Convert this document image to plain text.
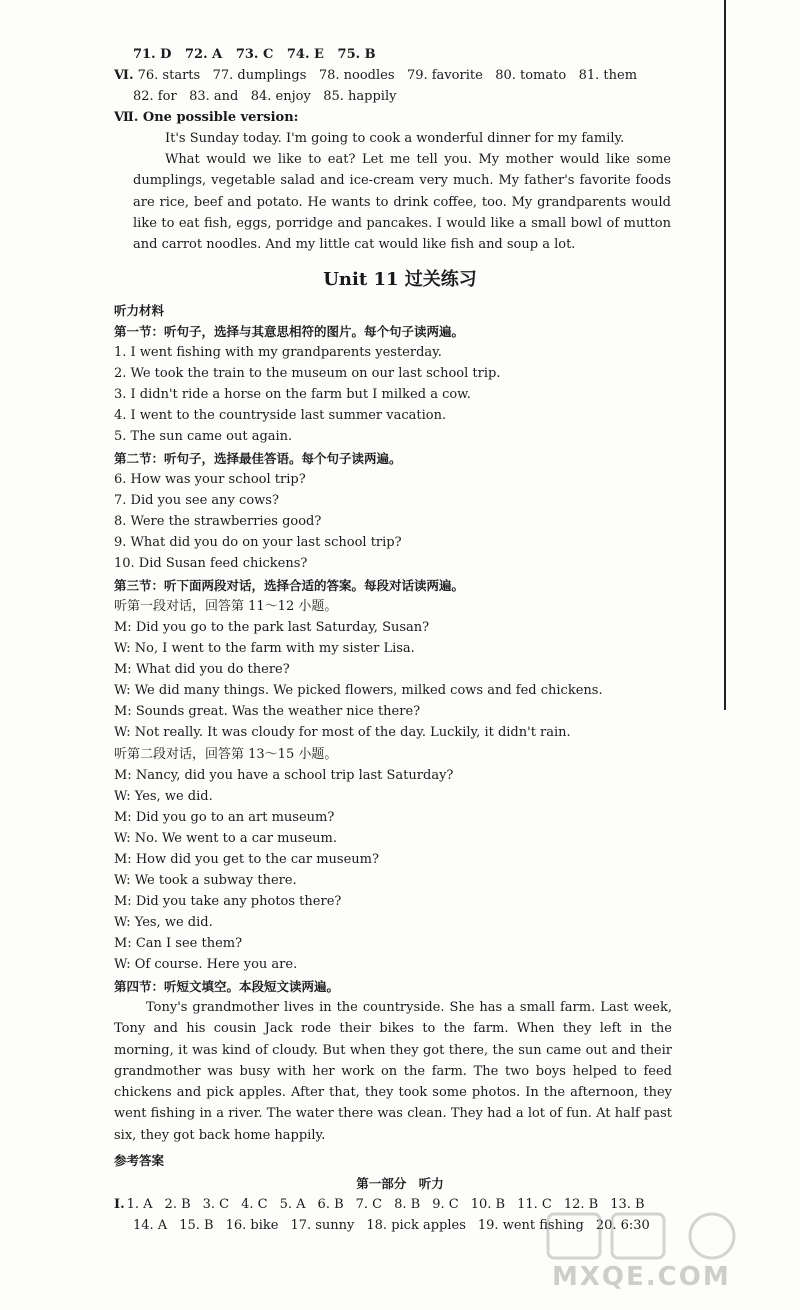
71. D 72. A 73. C 74. E 75. B
Ⅵ. 76. starts 77. dumplings 78. noodles 79. favorite 80. tomato 81. them
82. for 83. and 84. enjoy 85. happily
Ⅶ. One possible version:
It's Sunday today. I'm going to cook a wonderful dinner for my family.
What would we like to eat? Let me tell you. My mother would like some dumplings, vegetable salad and ice-cream very much. My father's favorite foods are rice, beef and potato. He wants to drink coffee, too. My grandparents would like to eat fish, eggs, porridge and pancakes. I would like a small bowl of mutton and carrot noodles. And my little cat would like fish and soup a lot.
Unit 11 过关练习
听力材料
第一节：听句子，选择与其意思相符的图片。每个句子读两遍。
1. I went fishing with my grandparents yesterday.
2. We took the train to the museum on our last school trip.
3. I didn't ride a horse on the farm but I milked a cow.
4. I went to the countryside last summer vacation.
5. The sun came out again.
第二节：听句子，选择最佳答语。每个句子读两遍。
6. How was your school trip?
7. Did you see any cows?
8. Were the strawberries good?
9. What did you do on your last school trip?
10. Did Susan feed chickens?
第三节：听下面两段对话，选择合适的答案。每段对话读两遍。
听第一段对话，回答第 11～12 小题。
M: Did you go to the park last Saturday, Susan?
W: No, I went to the farm with my sister Lisa.
M: What did you do there?
W: We did many things. We picked flowers, milked cows and fed chickens.
M: Sounds great. Was the weather nice there?
W: Not really. It was cloudy for most of the day. Luckily, it didn't rain.
听第二段对话，回答第 13～15 小题。
M: Nancy, did you have a school trip last Saturday?
W: Yes, we did.
M: Did you go to an art museum?
W: No. We went to a car museum.
M: How did you get to the car museum?
W: We took a subway there.
M: Did you take any photos there?
W: Yes, we did.
M: Can I see them?
W: Of course. Here you are.
第四节：听短文填空。本段短文读两遍。
Tony's grandmother lives in the countryside. She has a small farm. Last week, Tony and his cousin Jack rode their bikes to the farm. When they left in the morning, it was kind of cloudy. But when they got there, the sun came out and their grandmother was busy with her work on the farm. The two boys helped to feed chickens and pick apples. After that, they took some photos. In the afternoon, they went fishing in a river. The water there was clean. They had a lot of fun. At half past six, they got back home happily.
参考答案
第一部分　听力
Ⅰ. 1. A 2. B 3. C 4. C 5. A 6. B 7. C 8. B 9. C 10. B 11. C 12. B 13. B
14. A 15. B 16. bike 17. sunny 18. pick apples 19. went fishing 20. 6:30
MXQE.COM
